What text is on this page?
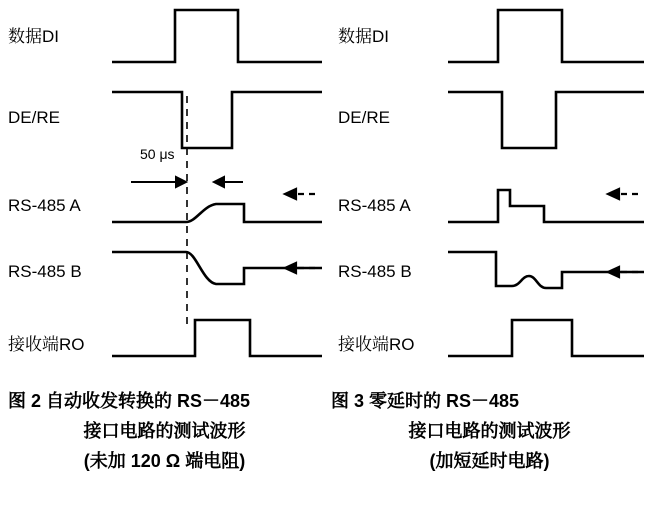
数据DI
DE/RE
RS-485 A
RS-485 B
接收端RO
50 μs
数据DI
DE/RE
RS-485 A
RS-485 B
接收端RO
图 2 自动收发转换的 RS－485
接口电路的测试波形
(未加 120 Ω 端电阻)
图 3 零延时的 RS－485
接口电路的测试波形
(加短延时电路)
